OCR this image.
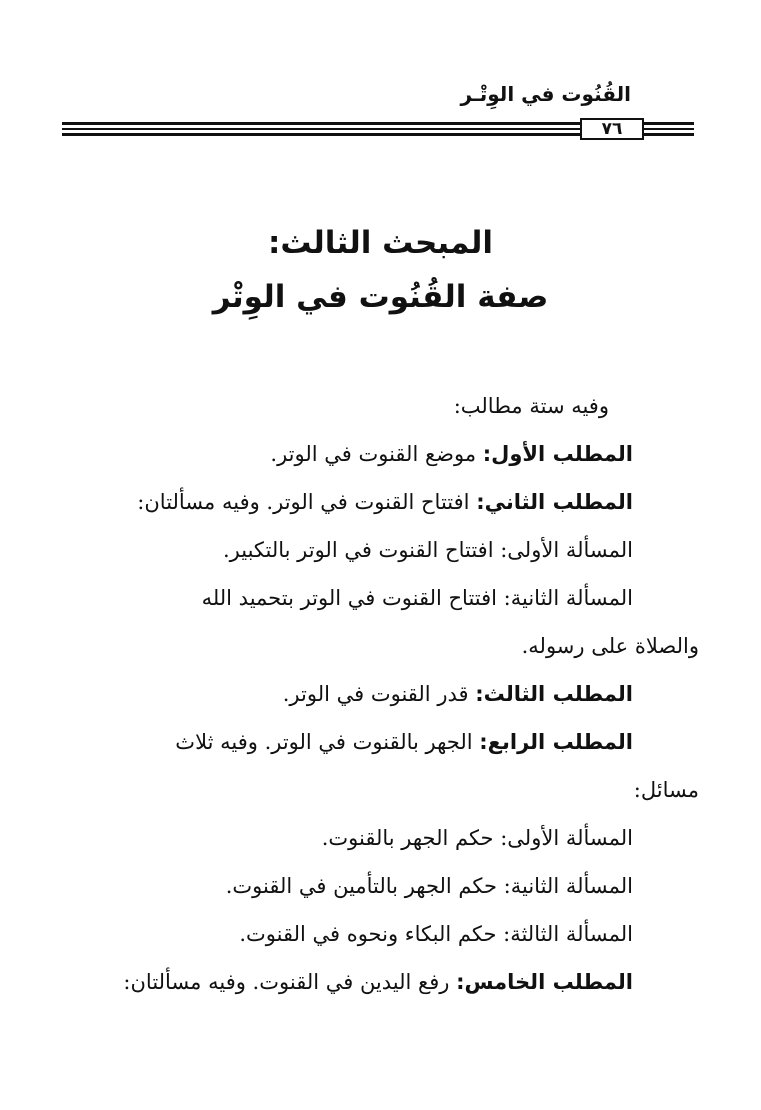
القُنُوت في الوِتْـر
٧٦
المبحث الثالث:
صفة القُنُوت في الوِتْر
وفيه ستة مطالب:
المطلب الأول: موضع القنوت في الوتر.
المطلب الثاني: افتتاح القنوت في الوتر. وفيه مسألتان:
المسألة الأولى: افتتاح القنوت في الوتر بالتكبير.
المسألة الثانية: افتتاح القنوت في الوتر بتحميد الله
والصلاة على رسوله.
المطلب الثالث: قدر القنوت في الوتر.
المطلب الرابع: الجهر بالقنوت في الوتر. وفيه ثلاث
مسائل:
المسألة الأولى: حكم الجهر بالقنوت.
المسألة الثانية: حكم الجهر بالتأمين في القنوت.
المسألة الثالثة: حكم البكاء ونحوه في القنوت.
المطلب الخامس: رفع اليدين في القنوت. وفيه مسألتان:
